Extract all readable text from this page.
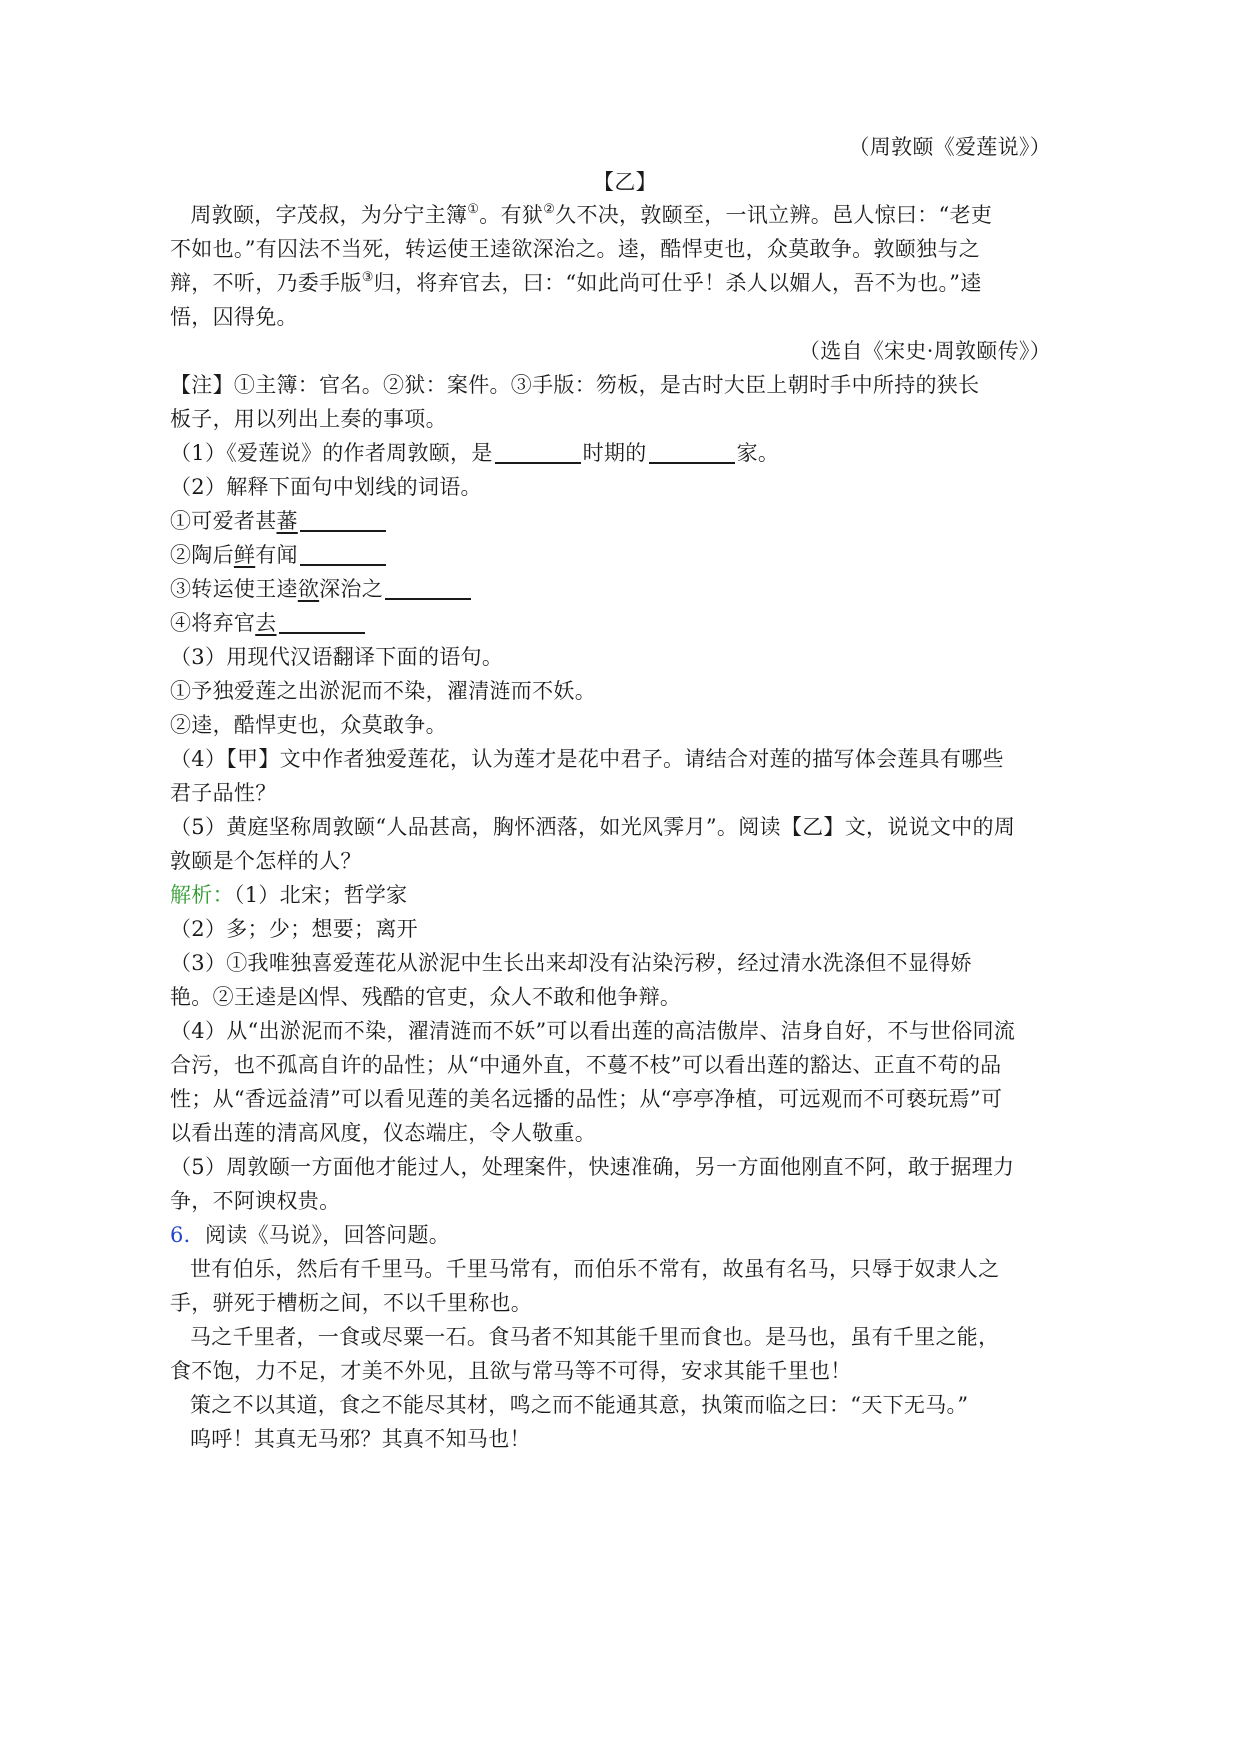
（周敦颐《爱莲说》）
【乙】
 周敦颐，字茂叔，为分宁主簿①。有狱②久不决，敦颐至，一讯立辨。邑人惊曰：“老吏
不如也。”有囚法不当死，转运使王逵欲深治之。逵，酷悍吏也，众莫敢争。敦颐独与之
辩，不听，乃委手版③归，将弃官去，曰：“如此尚可仕乎！杀人以媚人，吾不为也。”逵
悟，囚得免。
（选自《宋史·周敦颐传》）
【注】①主簿：官名。②狱：案件。③手版：笏板，是古时大臣上朝时手中所持的狭长
板子，用以列出上奏的事项。
（1）《爱莲说》的作者周敦颐，是	时期的	家。
（2）解释下面句中划线的词语。
①可爱者甚蕃
②陶后鲜有闻
③转运使王逵欲深治之
④将弃官去
（3）用现代汉语翻译下面的语句。
①予独爱莲之出淤泥而不染，濯清涟而不妖。
②逵，酷悍吏也，众莫敢争。
（4）【甲】文中作者独爱莲花，认为莲才是花中君子。请结合对莲的描写体会莲具有哪些
君子品性？
（5）黄庭坚称周敦颐“人品甚高，胸怀洒落，如光风霁月”。阅读【乙】文，说说文中的周
敦颐是个怎样的人？
解析：（1）北宋；哲学家
（2）多；少；想要；离开
（3）①我唯独喜爱莲花从淤泥中生长出来却没有沾染污秽，经过清水洗涤但不显得娇
艳。②王逵是凶悍、残酷的官吏，众人不敢和他争辩。
（4）从“出淤泥而不染，濯清涟而不妖”可以看出莲的高洁傲岸、洁身自好，不与世俗同流
合污，也不孤高自许的品性；从“中通外直，不蔓不枝”可以看出莲的豁达、正直不苟的品
性；从“香远益清”可以看见莲的美名远播的品性；从“亭亭净植，可远观而不可亵玩焉”可
以看出莲的清高风度，仪态端庄，令人敬重。
（5）周敦颐一方面他才能过人，处理案件，快速准确，另一方面他刚直不阿，敢于据理力
争，不阿谀权贵。
6．阅读《马说》，回答问题。
世有伯乐，然后有千里马。千里马常有，而伯乐不常有，故虽有名马，只辱于奴隶人之
手，骈死于槽枥之间，不以千里称也。
马之千里者，一食或尽粟一石。食马者不知其能千里而食也。是马也，虽有千里之能，
食不饱，力不足，才美不外见，且欲与常马等不可得，安求其能千里也！
策之不以其道，食之不能尽其材，鸣之而不能通其意，执策而临之曰：“天下无马。”
呜呼！其真无马邪？其真不知马也！
